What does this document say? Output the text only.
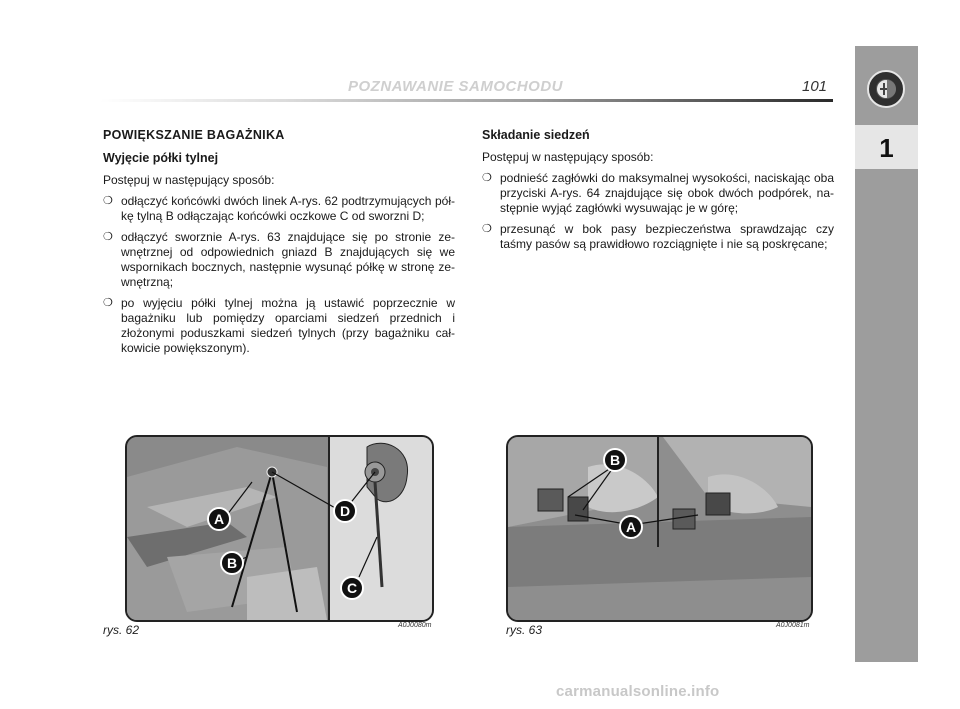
POZNAWANIE SAMOCHODU	101
1
POWIĘKSZANIE BAGAŻNIKA
Wyjęcie półki tylnej

Postępuj w następujący sposób:

❍ odłączyć końcówki dwóch linek A-rys. 62 podtrzymujących pół-kę tylną B odłączając końcówki oczkowe C od sworzni D;
❍ odłączyć sworznie A-rys. 63 znajdujące się po stronie ze-wnętrznej od odpowiednich gniazd B znajdujących się we wspornikach bocznych, następnie wysunąć półkę w stronę ze-wnętrzną;
❍ po wyjęciu półki tylnej można ją ustawić poprzecznie w bagażniku lub pomiędzy oparciami siedzeń przednich i złożonymi poduszkami siedzeń tylnych (przy bagażniku cał-kowicie powiększonym).
Składanie siedzeń

Postępuj w następujący sposób:

❍ podnieść zagłówki do maksymalnej wysokości, naciskając oba przyciski A-rys. 64 znajdujące się obok dwóch podpórek, na-stępnie wyjąć zagłówki wysuwając je w górę;
❍ przesunąć w bok pasy bezpieczeństwa sprawdzając czy taśmy pasów są prawidłowo rozciągnięte i nie są poskręcane;
A
B
C
D
rys. 62	A0J0080m
B
A
rys. 63	A0J0081m
carmanualsonline.info
